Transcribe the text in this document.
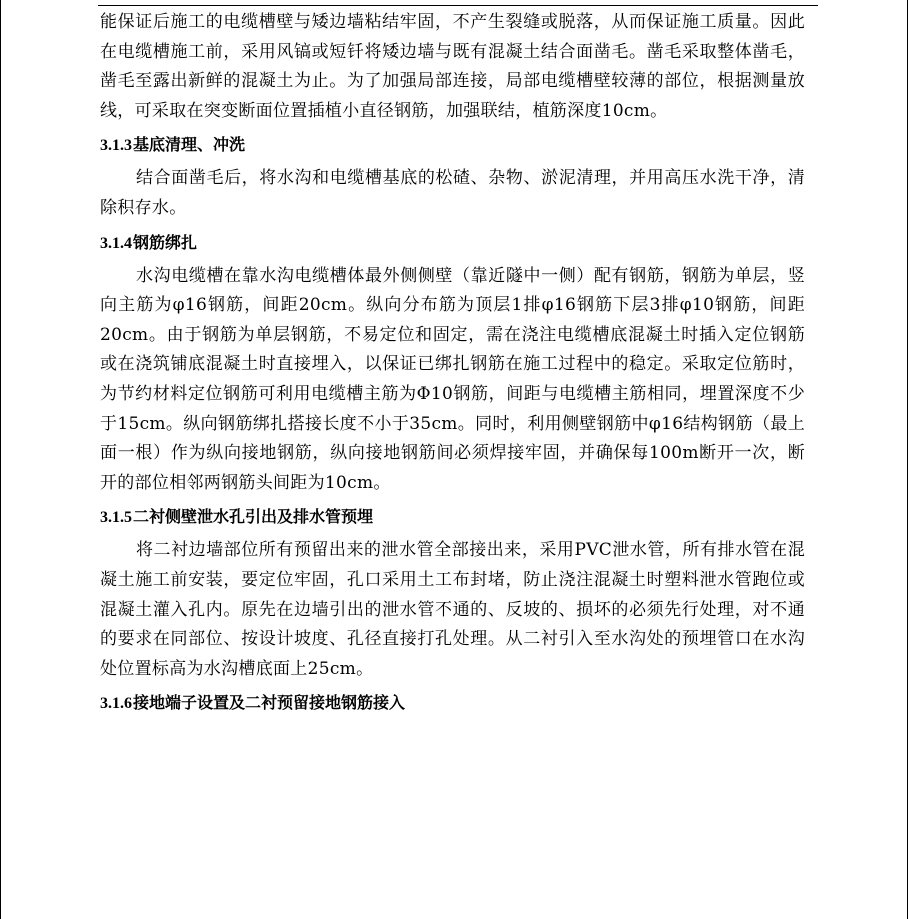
能保证后施工的电缆槽壁与矮边墙粘结牢固，不产生裂缝或脱落，从而保证施工质量。因此在电缆槽施工前，采用风镐或短钎将矮边墙与既有混凝土结合面凿毛。凿毛采取整体凿毛，凿毛至露出新鲜的混凝土为止。为了加强局部连接，局部电缆槽壁较薄的部位，根据测量放线，可采取在突变断面位置插植小直径钢筋，加强联结，植筋深度10cm。

3.1.3基底清理、冲洗

结合面凿毛后，将水沟和电缆槽基底的松碴、杂物、淤泥清理，并用高压水洗干净，清除积存水。

3.1.4钢筋绑扎

水沟电缆槽在靠水沟电缆槽体最外侧侧壁（靠近隧中一侧）配有钢筋，钢筋为单层，竖向主筋为φ16钢筋，间距20cm。纵向分布筋为顶层1排φ16钢筋下层3排φ10钢筋，间距20cm。由于钢筋为单层钢筋，不易定位和固定，需在浇注电缆槽底混凝土时插入定位钢筋或在浇筑铺底混凝土时直接埋入，以保证已绑扎钢筋在施工过程中的稳定。采取定位筋时，为节约材料定位钢筋可利用电缆槽主筋为Φ10钢筋，间距与电缆槽主筋相同，埋置深度不少于15cm。纵向钢筋绑扎搭接长度不小于35cm。同时，利用侧壁钢筋中φ16结构钢筋（最上面一根）作为纵向接地钢筋，纵向接地钢筋间必须焊接牢固，并确保每100m断开一次，断开的部位相邻两钢筋头间距为10cm。

3.1.5二衬侧壁泄水孔引出及排水管预埋

将二衬边墙部位所有预留出来的泄水管全部接出来，采用PVC泄水管，所有排水管在混凝土施工前安装，要定位牢固，孔口采用土工布封堵，防止浇注混凝土时塑料泄水管跑位或混凝土灌入孔内。原先在边墙引出的泄水管不通的、反坡的、损坏的必须先行处理，对不通的要求在同部位、按设计坡度、孔径直接打孔处理。从二衬引入至水沟处的预埋管口在水沟处位置标高为水沟槽底面上25cm。

3.1.6接地端子设置及二衬预留接地钢筋接入
